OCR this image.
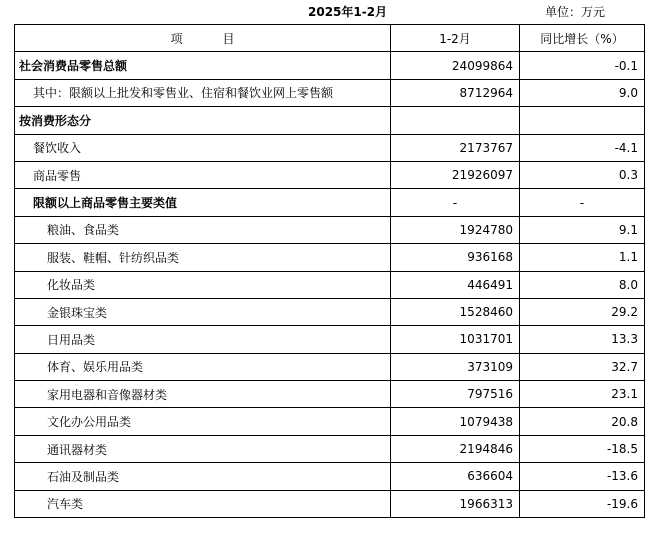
2025年1-2月	单位：万元
项 目	1-2月	同比增长（%）
社会消费品零售总额	24099864	-0.1
其中：限额以上批发和零售业、住宿和餐饮业网上零售额	8712964	9.0
按消费形态分		
餐饮收入	2173767	-4.1
商品零售	21926097	0.3
限额以上商品零售主要类值	-	-
粮油、食品类	1924780	9.1
服装、鞋帽、针纺织品类	936168	1.1
化妆品类	446491	8.0
金银珠宝类	1528460	29.2
日用品类	1031701	13.3
体育、娱乐用品类	373109	32.7
家用电器和音像器材类	797516	23.1
文化办公用品类	1079438	20.8
通讯器材类	2194846	-18.5
石油及制品类	636604	-13.6
汽车类	1966313	-19.6
